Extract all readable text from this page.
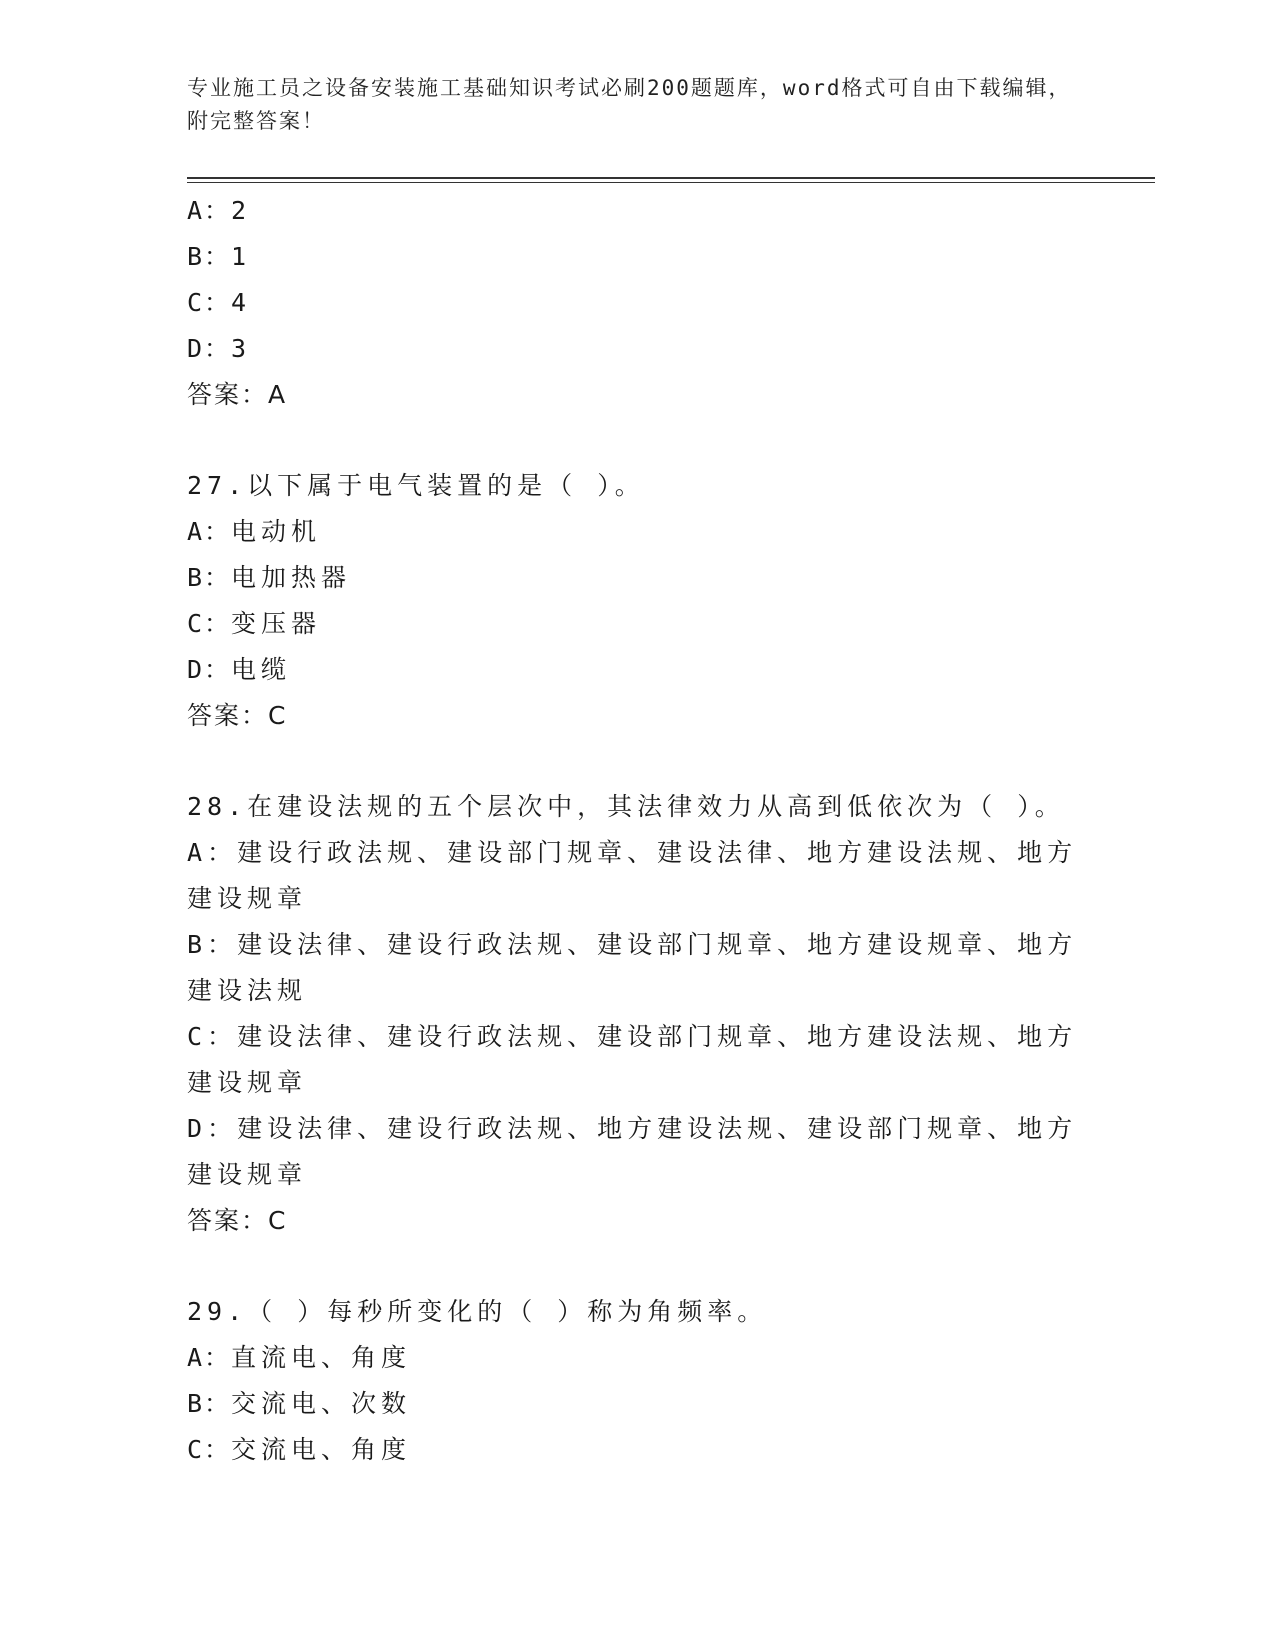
专业施工员之设备安装施工基础知识考试必刷200题题库，word格式可自由下载编辑，附完整答案！
A： 2
B： 1
C： 4
D： 3
答案：A
27.以下属于电气装置的是（ ）。
A： 电动机
B： 电加热器
C： 变压器
D： 电缆
答案：C
28.在建设法规的五个层次中，其法律效力从高到低依次为（ ）。
A：建设行政法规、建设部门规章、建设法律、地方建设法规、地方建设规章
B：建设法律、建设行政法规、建设部门规章、地方建设规章、地方建设法规
C：建设法律、建设行政法规、建设部门规章、地方建设法规、地方建设规章
D：建设法律、建设行政法规、地方建设法规、建设部门规章、地方建设规章
答案：C
29.（ ）每秒所变化的（ ）称为角频率。
A： 直流电、角度
B： 交流电、次数
C： 交流电、角度
